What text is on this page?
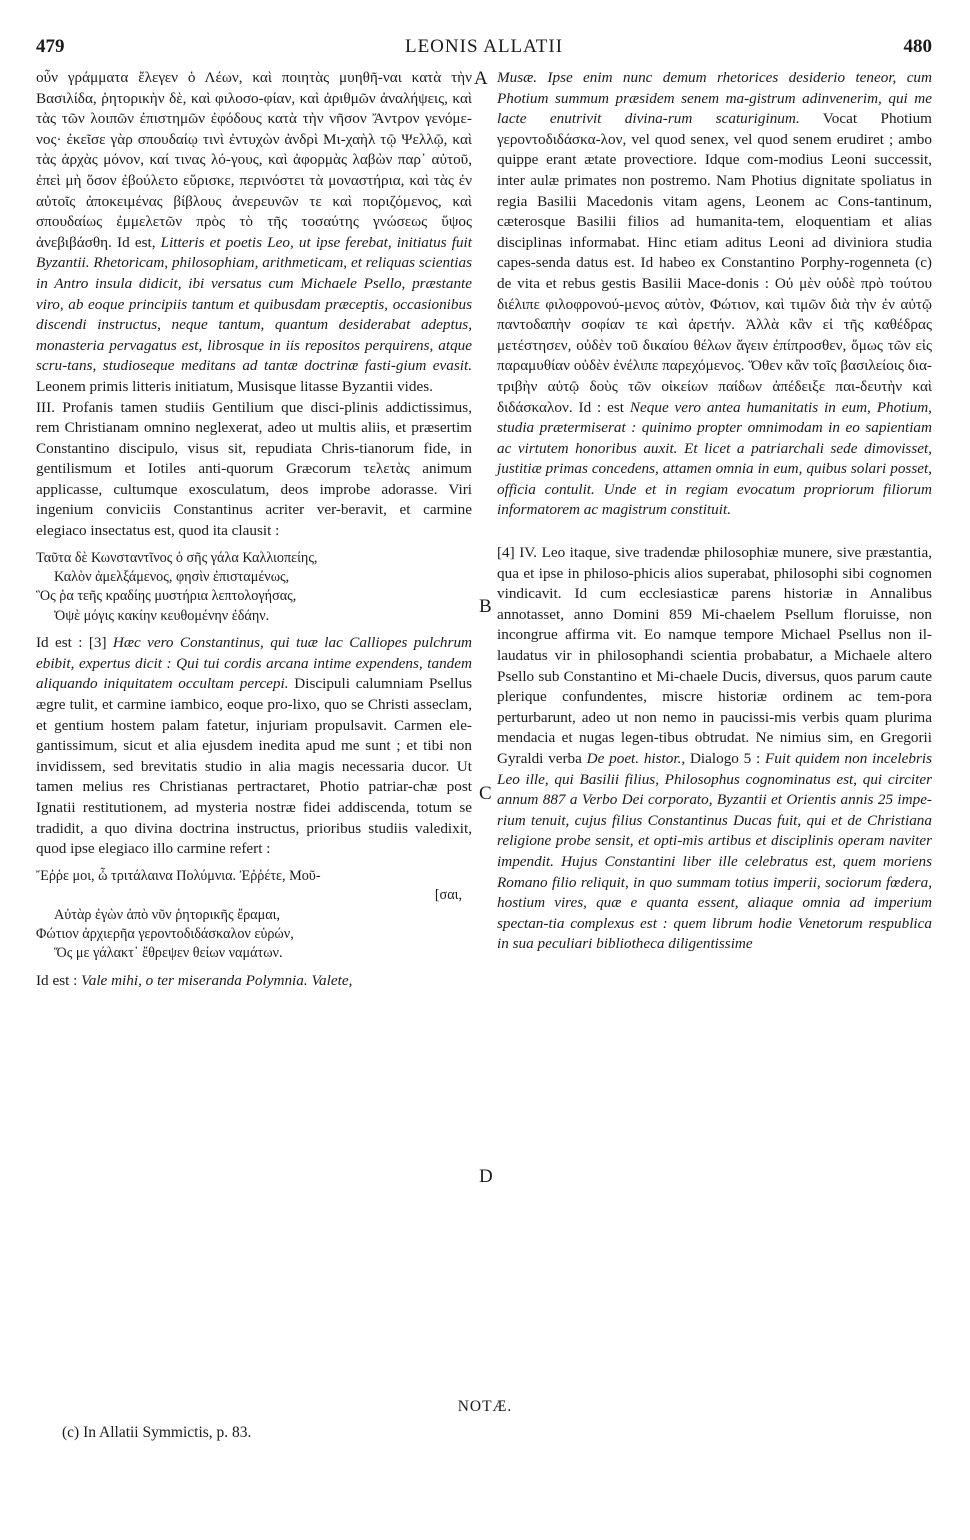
479	LEONIS ALLATII	480
A
B
C
D

οὖν γράμματα ἔλεγεν ὁ Λέων, καὶ ποιητὰς μυηθῆ-ναι κατὰ τὴν Βασιλίδα, ῥητορικὴν δὲ, καὶ φιλοσο-φίαν, καὶ ἀριθμῶν ἀναλήψεις, καὶ τὰς τῶν λοιπῶν ἐπιστημῶν ἐφόδους κατὰ τὴν νῆσον Ἄντρον γενόμε-νος· ἐκεῖσε γὰρ σπουδαίῳ τινὶ ἐντυχὼν ἀνδρὶ Μι-χαὴλ τῷ Ψελλῷ, καὶ τὰς ἀρχὰς μόνον, καί τινας λό-γους, καὶ ἀφορμὰς λαβὼν παρ᾽ αὐτοῦ, ἐπεὶ μὴ ὅσον ἐβούλετο εὕρισκε, περινόστει τὰ μοναστήρια, καὶ τὰς ἐν αὐτοῖς ἀποκειμένας βίβλους ἀνερευνῶν τε καὶ ποριζόμενος, καὶ σπουδαίως ἐμμελετῶν πρὸς τὸ τῆς τοσαύτης γνώσεως ὕψος ἀνεβιβάσθη. Id est, Litteris et poetis Leo, ut ipse ferebat, initiatus fuit Byzantii. Rhetoricam, philosophiam, arithmeticam, et reliquas scientias in Antro insula didicit, ibi versatus cum Michaele Psello, præstante viro, ab eoque principiis tantum et quibusdam præceptis, occasionibus discendi instructus, neque tantum, quantum desiderabat adeptus, monasteria pervagatus est, librosque in iis repositos perquirens, atque scru-tans, studioseque meditans ad tantæ doctrinæ fasti-gium evasit. Leonem primis litteris initiatum, Musisque litasse Byzantii vides.

III. Profanis tamen studiis Gentilium que disci-plinis addictissimus, rem Christianam omnino neglexerat, adeo ut multis aliis, et præsertim Constantino discipulo, visus sit, repudiata Chris-tianorum fide, in gentilismum et Iotiles anti-quorum Græcorum τελετὰς animum applicasse, cultumque exosculatum, deos improbe adorasse. Viri ingenium conviciis Constantinus acriter ver-beravit, et carmine elegiaco insectatus est, quod ita clausit :

Ταῦτα δὲ Κωνσταντῖνος ὁ σῆς γάλα Καλλιοπείης,
Καλὸν ἀμελξάμενος, φησὶν ἐπισταμένως,
Ὃς ῥα τεῆς κραδίης μυστήρια λεπτολογήσας,
Ὀψὲ μόγις κακίην κευθομένην ἐδάην.

Id est : [3] Hæc vero Constantinus, qui tuæ lac Calliopes pulchrum ebibit, expertus dicit : Qui tui cordis arcana intime expendens, tandem aliquando iniquitatem occultam percepi. Discipuli calumniam Psellus ægre tulit, et carmine iambico, eoque pro-lixo, quo se Christi asseclam, et gentium hostem palam fatetur, injuriam propulsavit. Carmen ele-gantissimum, sicut et alia ejusdem inedita apud me sunt ; et tibi non invidissem, sed brevitatis studio in alia magis necessaria ducor. Ut tamen melius res Christianas pertractaret, Photio patriar-chæ post Ignatii restitutionem, ad mysteria nostræ fidei addiscenda, totum se tradidit, a quo divina doctrina instructus, prioribus studiis valedixit, quod ipse elegiaco illo carmine refert :

Ἔῤῥε μοι, ὦ τριτάλαινα Πολύμνια. Ἐῤῥέτε, Μοῦ-
[σαι,
Αὐτὰρ ἐγὼν ἀπὸ νῦν ῥητορικῆς ἔραμαι,
Φώτιον ἀρχιερῆα γεροντοδιδάσκαλον εὑρών,
Ὅς με γάλακτ᾽ ἔθρεψεν θείων ναμάτων.

Id est : Vale mihi, o ter miseranda Polymnia. Valete,

Musæ. Ipse enim nunc demum rhetorices desiderio teneor, cum Photium summum præsidem senem ma-gistrum adinvenerim, qui me lacte enutrivit divina-rum scaturiginum. Vocat Photium γεροντοδιδάσκα-λον, vel quod senex, vel quod senem erudiret ; ambo quippe erant ætate provectiore. Idque com-modius Leoni successit, inter aulæ primates non postremo. Nam Photius dignitate spoliatus in regia Basilii Macedonis vitam agens, Leonem ac Cons-tantinum, cæterosque Basilii filios ad humanita-tem, eloquentiam et alias disciplinas informabat. Hinc etiam aditus Leoni ad diviniora studia capes-senda datus est. Id habeo ex Constantino Porphy-rogenneta (c) de vita et rebus gestis Basilii Mace-donis : Οὐ μὲν οὐδὲ πρὸ τούτου διέλιπε φιλοφρονού-μενος αὐτὸν, Φώτιον, καὶ τιμῶν διὰ τὴν ἐν αὐτῷ παντοδαπὴν σοφίαν τε καὶ ἀρετήν. Ἀλλὰ κἂν εἰ τῆς καθέδρας μετέστησεν, οὐδὲν τοῦ δικαίου θέλων ἄγειν ἐπίπροσθεν, ὅμως τῶν εἰς παραμυθίαν οὐδὲν ἐνέλιπε παρεχόμενος. Ὅθεν κἂν τοῖς βασιλείοις δια-τριβὴν αὐτῷ δοὺς τῶν οἰκείων παίδων ἀπέδειξε παι-δευτὴν καὶ διδάσκαλον. Id : est Neque vero antea humanitatis in eum, Photium, studia prætermiserat : quinimo propter omnimodam in eo sapientiam ac virtutem honoribus auxit. Et licet a patriarchali sede dimovisset, justitiæ primas concedens, attamen omnia in eum, quibus solari posset, officia contulit. Unde et in regiam evocatum propriorum filiorum informatorem ac magistrum constituit.

[4] IV. Leo itaque, sive tradendæ philosophiæ munere, sive præstantia, qua et ipse in philoso-phicis alios superabat, philosophi sibi cognomen vindicavit. Id cum ecclesiasticæ parens historiæ in Annalibus annotasset, anno Domini 859 Mi-chaelem Psellum floruisse, non incongrue affirma vit. Eo namque tempore Michael Psellus non il-laudatus vir in philosophandi scientia probabatur, a Michaele altero Psello sub Constantino et Mi-chaele Ducis, diversus, quos parum caute plerique confundentes, miscre historiæ ordinem ac tem-pora perturbarunt, adeo ut non nemo in paucissi-mis verbis quam plurima mendacia et nugas legen-tibus obtrudat. Ne nimius sim, en Gregorii Gyraldi verba De poet. histor., Dialogo 5 : Fuit quidem non incelebris Leo ille, qui Basilii filius, Philosophus cognominatus est, qui circiter annum 887 a Verbo Dei corporato, Byzantii et Orientis annis 25 impe-rium tenuit, cujus filius Constantinus Ducas fuit, qui et de Christiana religione probe sensit, et opti-mis artibus et disciplinis operam naviter impendit. Hujus Constantini liber ille celebratus est, quem moriens Romano filio reliquit, in quo summam totius imperii, sociorum fœdera, hostium vires, quæ e quanta essent, aliaque omnia ad imperium spectan-tia complexus est : quem librum hodie Venetorum respublica in sua peculiari bibliotheca diligentissime

NOTÆ.
(c) In Allatii Symmictis, p. 83.
